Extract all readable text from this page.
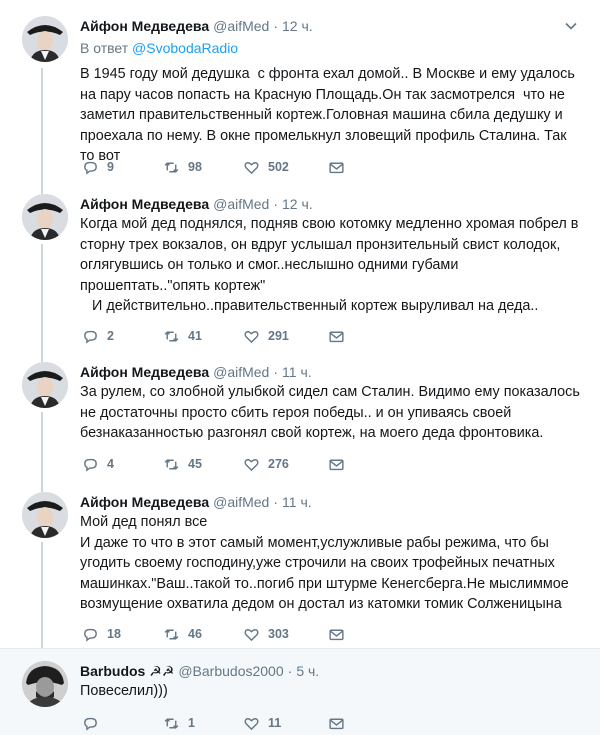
Айфон Медведева @aifMed · 12 ч.
В ответ @SvobodaRadio
В 1945 году мой дедушка  с фронта ехал домой.. В Москве и ему удалось  на пару часов попасть на Красную Площадь.Он так засмотрелся  что не заметил правительственный кортеж.Головная машина сбила дедушку и проехала по нему. В окне промелькнул зловещий профиль Сталина. Так то вот
9	98	502
Айфон Медведева @aifMed · 12 ч.
Когда мой дед поднялся, подняв свою котомку медленно хромая побрел в сторну трех вокзалов, он вдруг услышал пронзительный свист колодок, оглягувшись он только и смог..неслышно одними губами прошептать.."опять кортеж"
И действительно..правительственный кортеж выруливал на деда..
2	41	291
Айфон Медведева @aifMed · 11 ч.
За рулем, со злобной улыбкой сидел сам Сталин. Видимо ему показалось не достаточны просто сбить героя победы.. и он упиваясь своей безнаказанностью разгонял свой кортеж, на моего деда фронтовика.
4	45	276
Айфон Медведева @aifMed · 11 ч.
Мой дед понял все
И даже то что в этот самый момент,услужливые рабы режима, что бы угодить своему господину,уже строчили на своих трофейных печатных машинках."Ваш..такой то..погиб при штурме Кенегсберга.Не мыслиммое возмущение охватила дедом он достал из катомки томик Солженицына
18	46	303
Barbudos ☭☭ @Barbudos2000 · 5 ч.
Повеселил)))
1	11
